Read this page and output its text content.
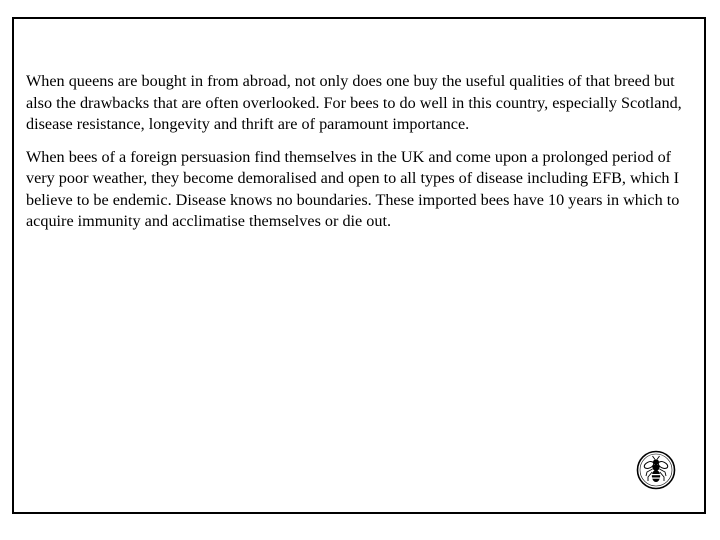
When queens are bought in from abroad, not only does one buy the useful qualities of that breed but also the drawbacks that are often overlooked. For bees to do well in this country, especially Scotland, disease resistance, longevity and thrift are of paramount importance.

When bees of a foreign persuasion find themselves in the UK and come upon a prolonged period of very poor weather, they become demoralised and open to all types of disease including EFB, which I believe to be endemic. Disease knows no boundaries. These imported bees have 10 years in which to acquire immunity and acclimatise themselves or die out.
